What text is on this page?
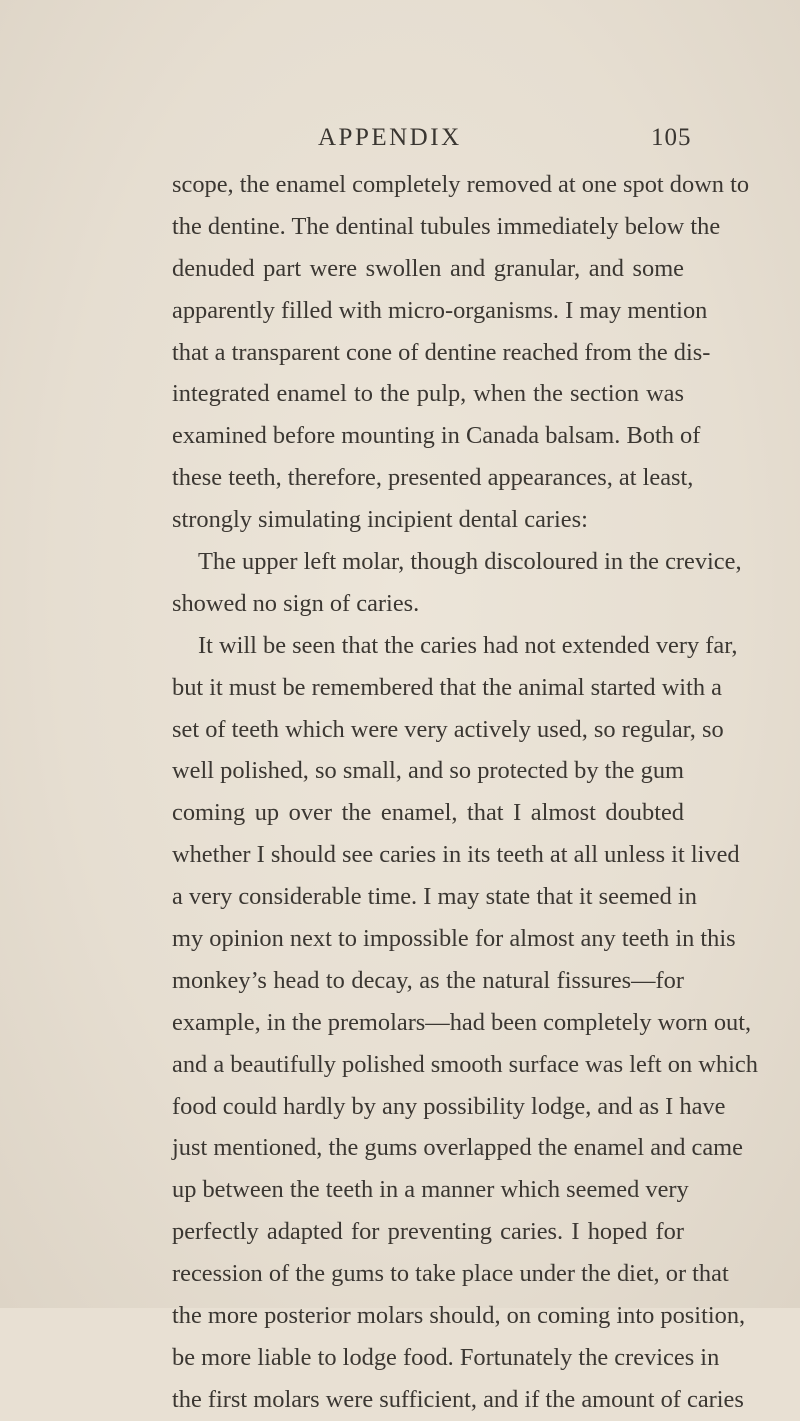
APPENDIX	105
scope, the enamel completely removed at one spot down to
the dentine. The dentinal tubules immediately below the
denuded part were swollen and granular, and some
apparently filled with micro-organisms. I may mention
that a transparent cone of dentine reached from the dis-
integrated enamel to the pulp, when the section was
examined before mounting in Canada balsam. Both of
these teeth, therefore, presented appearances, at least,
strongly simulating incipient dental caries:
The upper left molar, though discoloured in the crevice,
showed no sign of caries.
It will be seen that the caries had not extended very far,
but it must be remembered that the animal started with a
set of teeth which were very actively used, so regular, so
well polished, so small, and so protected by the gum
coming up over the enamel, that I almost doubted
whether I should see caries in its teeth at all unless it lived
a very considerable time. I may state that it seemed in
my opinion next to impossible for almost any teeth in this
monkey’s head to decay, as the natural fissures—for
example, in the premolars—had been completely worn out,
and a beautifully polished smooth surface was left on which
food could hardly by any possibility lodge, and as I have
just mentioned, the gums overlapped the enamel and came
up between the teeth in a manner which seemed very
perfectly adapted for preventing caries. I hoped for
recession of the gums to take place under the diet, or that
the more posterior molars should, on coming into position,
be more liable to lodge food. Fortunately the crevices in
the first molars were sufficient, and if the amount of caries
